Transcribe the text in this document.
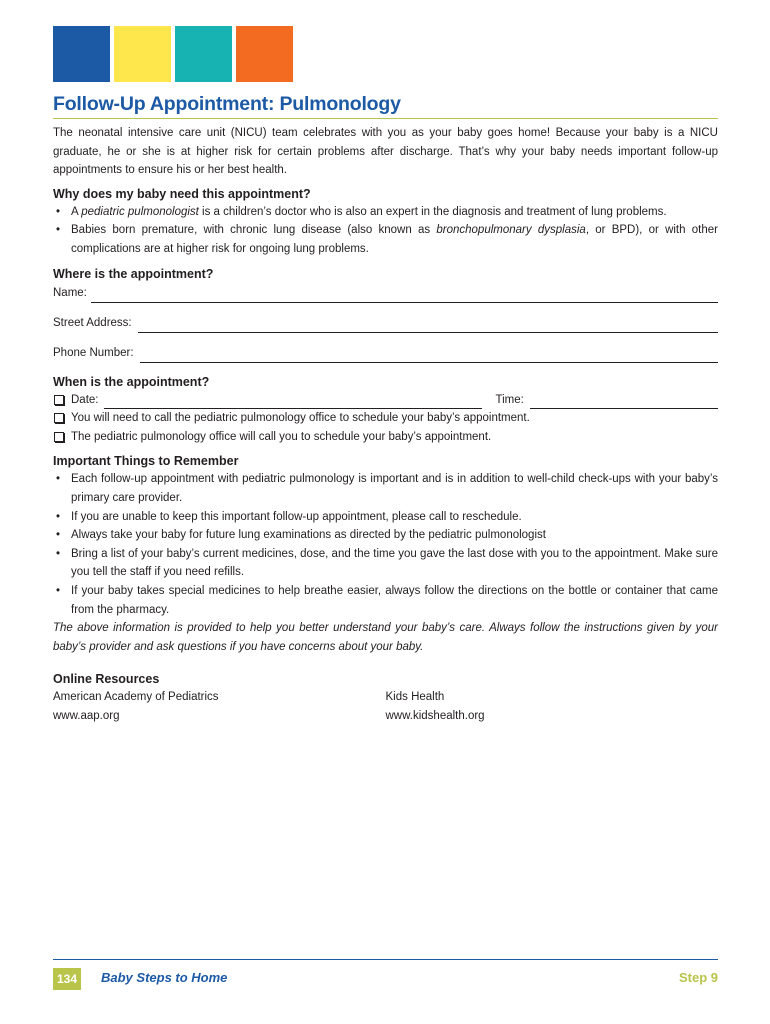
Follow-Up Appointment: Pulmonology

The neonatal intensive care unit (NICU) team celebrates with you as your baby goes home! Because your baby is a NICU graduate, he or she is at higher risk for certain problems after discharge. That’s why your baby needs important follow-up appointments to ensure his or her best health.

Why does my baby need this appointment?
• A pediatric pulmonologist is a children’s doctor who is also an expert in the diagnosis and treatment of lung problems.
• Babies born premature, with chronic lung disease (also known as bronchopulmonary dysplasia, or BPD), or with other complications are at higher risk for ongoing lung problems.
Where is the appointment?
Name:
Street Address:
Phone Number:
When is the appointment?
Date:	Time:
You will need to call the pediatric pulmonology office to schedule your baby’s appointment.
The pediatric pulmonology office will call you to schedule your baby’s appointment.
Important Things to Remember
• Each follow-up appointment with pediatric pulmonology is important and is in addition to well-child check-ups with your baby’s primary care provider.
• If you are unable to keep this important follow-up appointment, please call to reschedule.
• Always take your baby for future lung examinations as directed by the pediatric pulmonologist
• Bring a list of your baby’s current medicines, dose, and the time you gave the last dose with you to the appointment. Make sure you tell the staff if you need refills.
• If your baby takes special medicines to help breathe easier, always follow the directions on the bottle or container that came from the pharmacy.

The above information is provided to help you better understand your baby’s care. Always follow the instructions given by your baby’s provider and ask questions if you have concerns about your baby.

Online Resources
American Academy of Pediatrics
www.aap.org
Kids Health
www.kidshealth.org
134	Baby Steps to Home	Step 9
